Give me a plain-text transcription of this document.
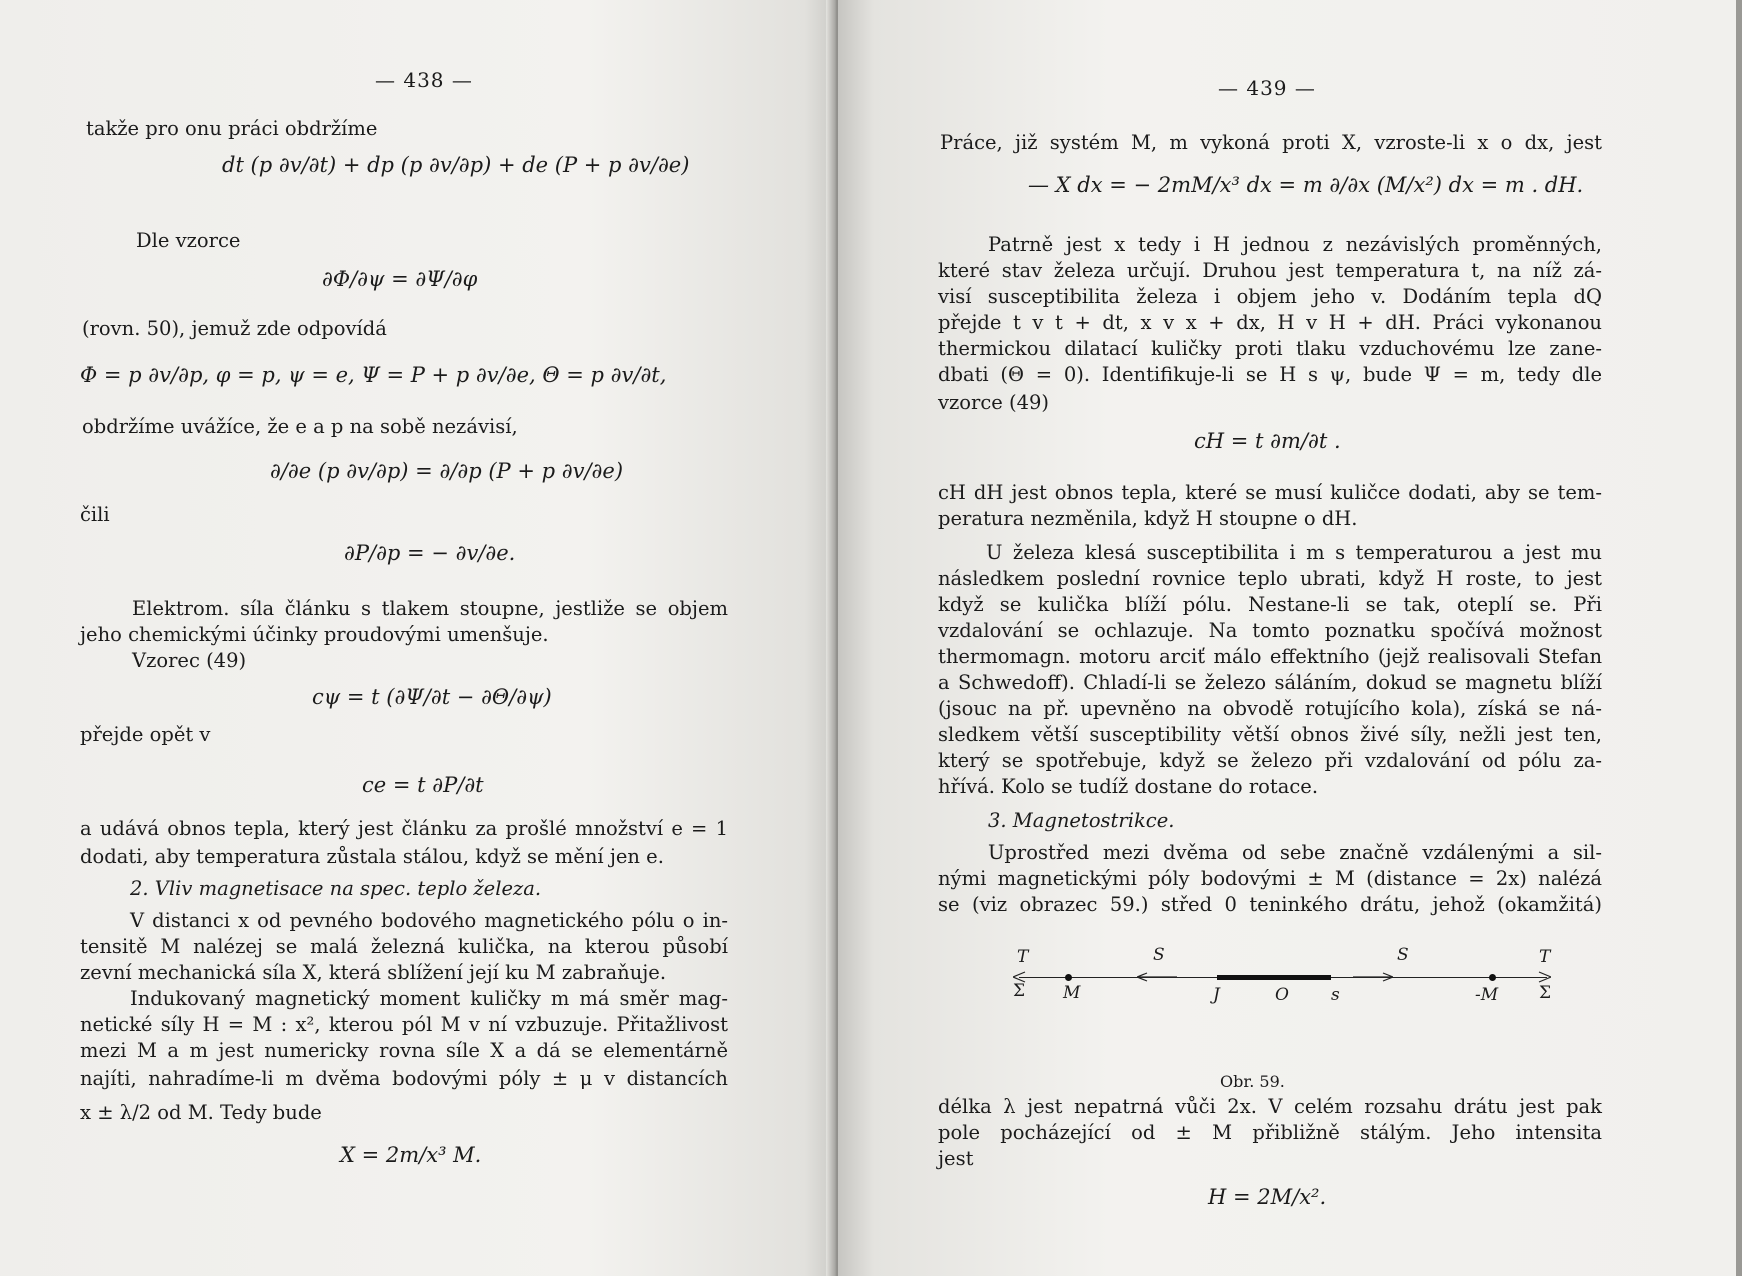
— 438 —
takže pro onu práci obdržíme
dt (p ∂v/∂t) + dp (p ∂v/∂p) + de (P + p ∂v/∂e)
Dle vzorce
∂Φ/∂ψ = ∂Ψ/∂φ
(rovn. 50), jemuž zde odpovídá
Φ = p ∂v/∂p, φ = p, ψ = e, Ψ = P + p ∂v/∂e, Θ = p ∂v/∂t,
obdržíme uvážíce, že e a p na sobě nezávisí,
∂/∂e (p ∂v/∂p) = ∂/∂p (P + p ∂v/∂e)
čili
∂P/∂p = − ∂v/∂e.
Elektrom. síla článku s tlakem stoupne, jestliže se objem
jeho chemickými účinky proudovými umenšuje.
Vzorec (49)
cψ = t (∂Ψ/∂t − ∂Θ/∂ψ)
přejde opět v
ce = t ∂P/∂t
a udává obnos tepla, který jest článku za prošlé množství e = 1
dodati, aby temperatura zůstala stálou, když se mění jen e.
2. Vliv magnetisace na spec. teplo železa.
V distanci x od pevného bodového magnetického pólu o in-
tensitě M nalézej se malá železná kulička, na kterou působí
zevní mechanická síla X, která sblížení její ku M zabraňuje.
Indukovaný magnetický moment kuličky m má směr mag-
netické síly H = M : x², kterou pól M v ní vzbuzuje. Přitažlivost
mezi M a m jest numericky rovna síle X a dá se elementárně
najíti, nahradíme-li m dvěma bodovými póly ± μ v distancích
x ± λ/2 od M. Tedy bude
X = 2m/x³ M.
— 439 —
Práce, již systém M, m vykoná proti X, vzroste-li x o dx, jest
— X dx = − 2mM/x³ dx = m ∂/∂x (M/x²) dx = m . dH.
Patrně jest x tedy i H jednou z nezávislých proměnných,
které stav železa určují. Druhou jest temperatura t, na níž zá-
visí susceptibilita železa i objem jeho v. Dodáním tepla dQ
přejde t v t + dt, x v x + dx, H v H + dH. Práci vykonanou
thermickou dilatací kuličky proti tlaku vzduchovému lze zane-
dbati (Θ = 0). Identifikuje-li se H s ψ, bude Ψ = m, tedy dle
vzorce (49)
cH = t ∂m/∂t .
cH dH jest obnos tepla, které se musí kuličce dodati, aby se tem-
peratura nezměnila, když H stoupne o dH.
U železa klesá susceptibilita i m s temperaturou a jest mu
následkem poslední rovnice teplo ubrati, když H roste, to jest
když se kulička blíží pólu. Nestane-li se tak, oteplí se. Při
vzdalování se ochlazuje. Na tomto poznatku spočívá možnost
thermomagn. motoru arciť málo effektního (jejž realisovali Stefan
a Schwedoff). Chladí-li se železo sáláním, dokud se magnetu blíží
(jsouc na př. upevněno na obvodě rotujícího kola), získá se ná-
sledkem větší susceptibility větší obnos živé síly, nežli jest ten,
který se spotřebuje, když se železo při vzdalování od pólu za-
hřívá. Kolo se tudíž dostane do rotace.
3. Magnetostrikce.
Uprostřed mezi dvěma od sebe značně vzdálenými a sil-
nými magnetickými póly bodovými ± M (distance = 2x) nalézá
se (viz obrazec 59.) střed 0 teninkého drátu, jehož (okamžitá)
T
Σ M
S
J	O s
S
-M
T
Σ
Obr. 59.
délka λ jest nepatrná vůči 2x. V celém rozsahu drátu jest pak
pole pocházející od ± M přibližně stálým. Jeho intensita
jest
H = 2M/x².
